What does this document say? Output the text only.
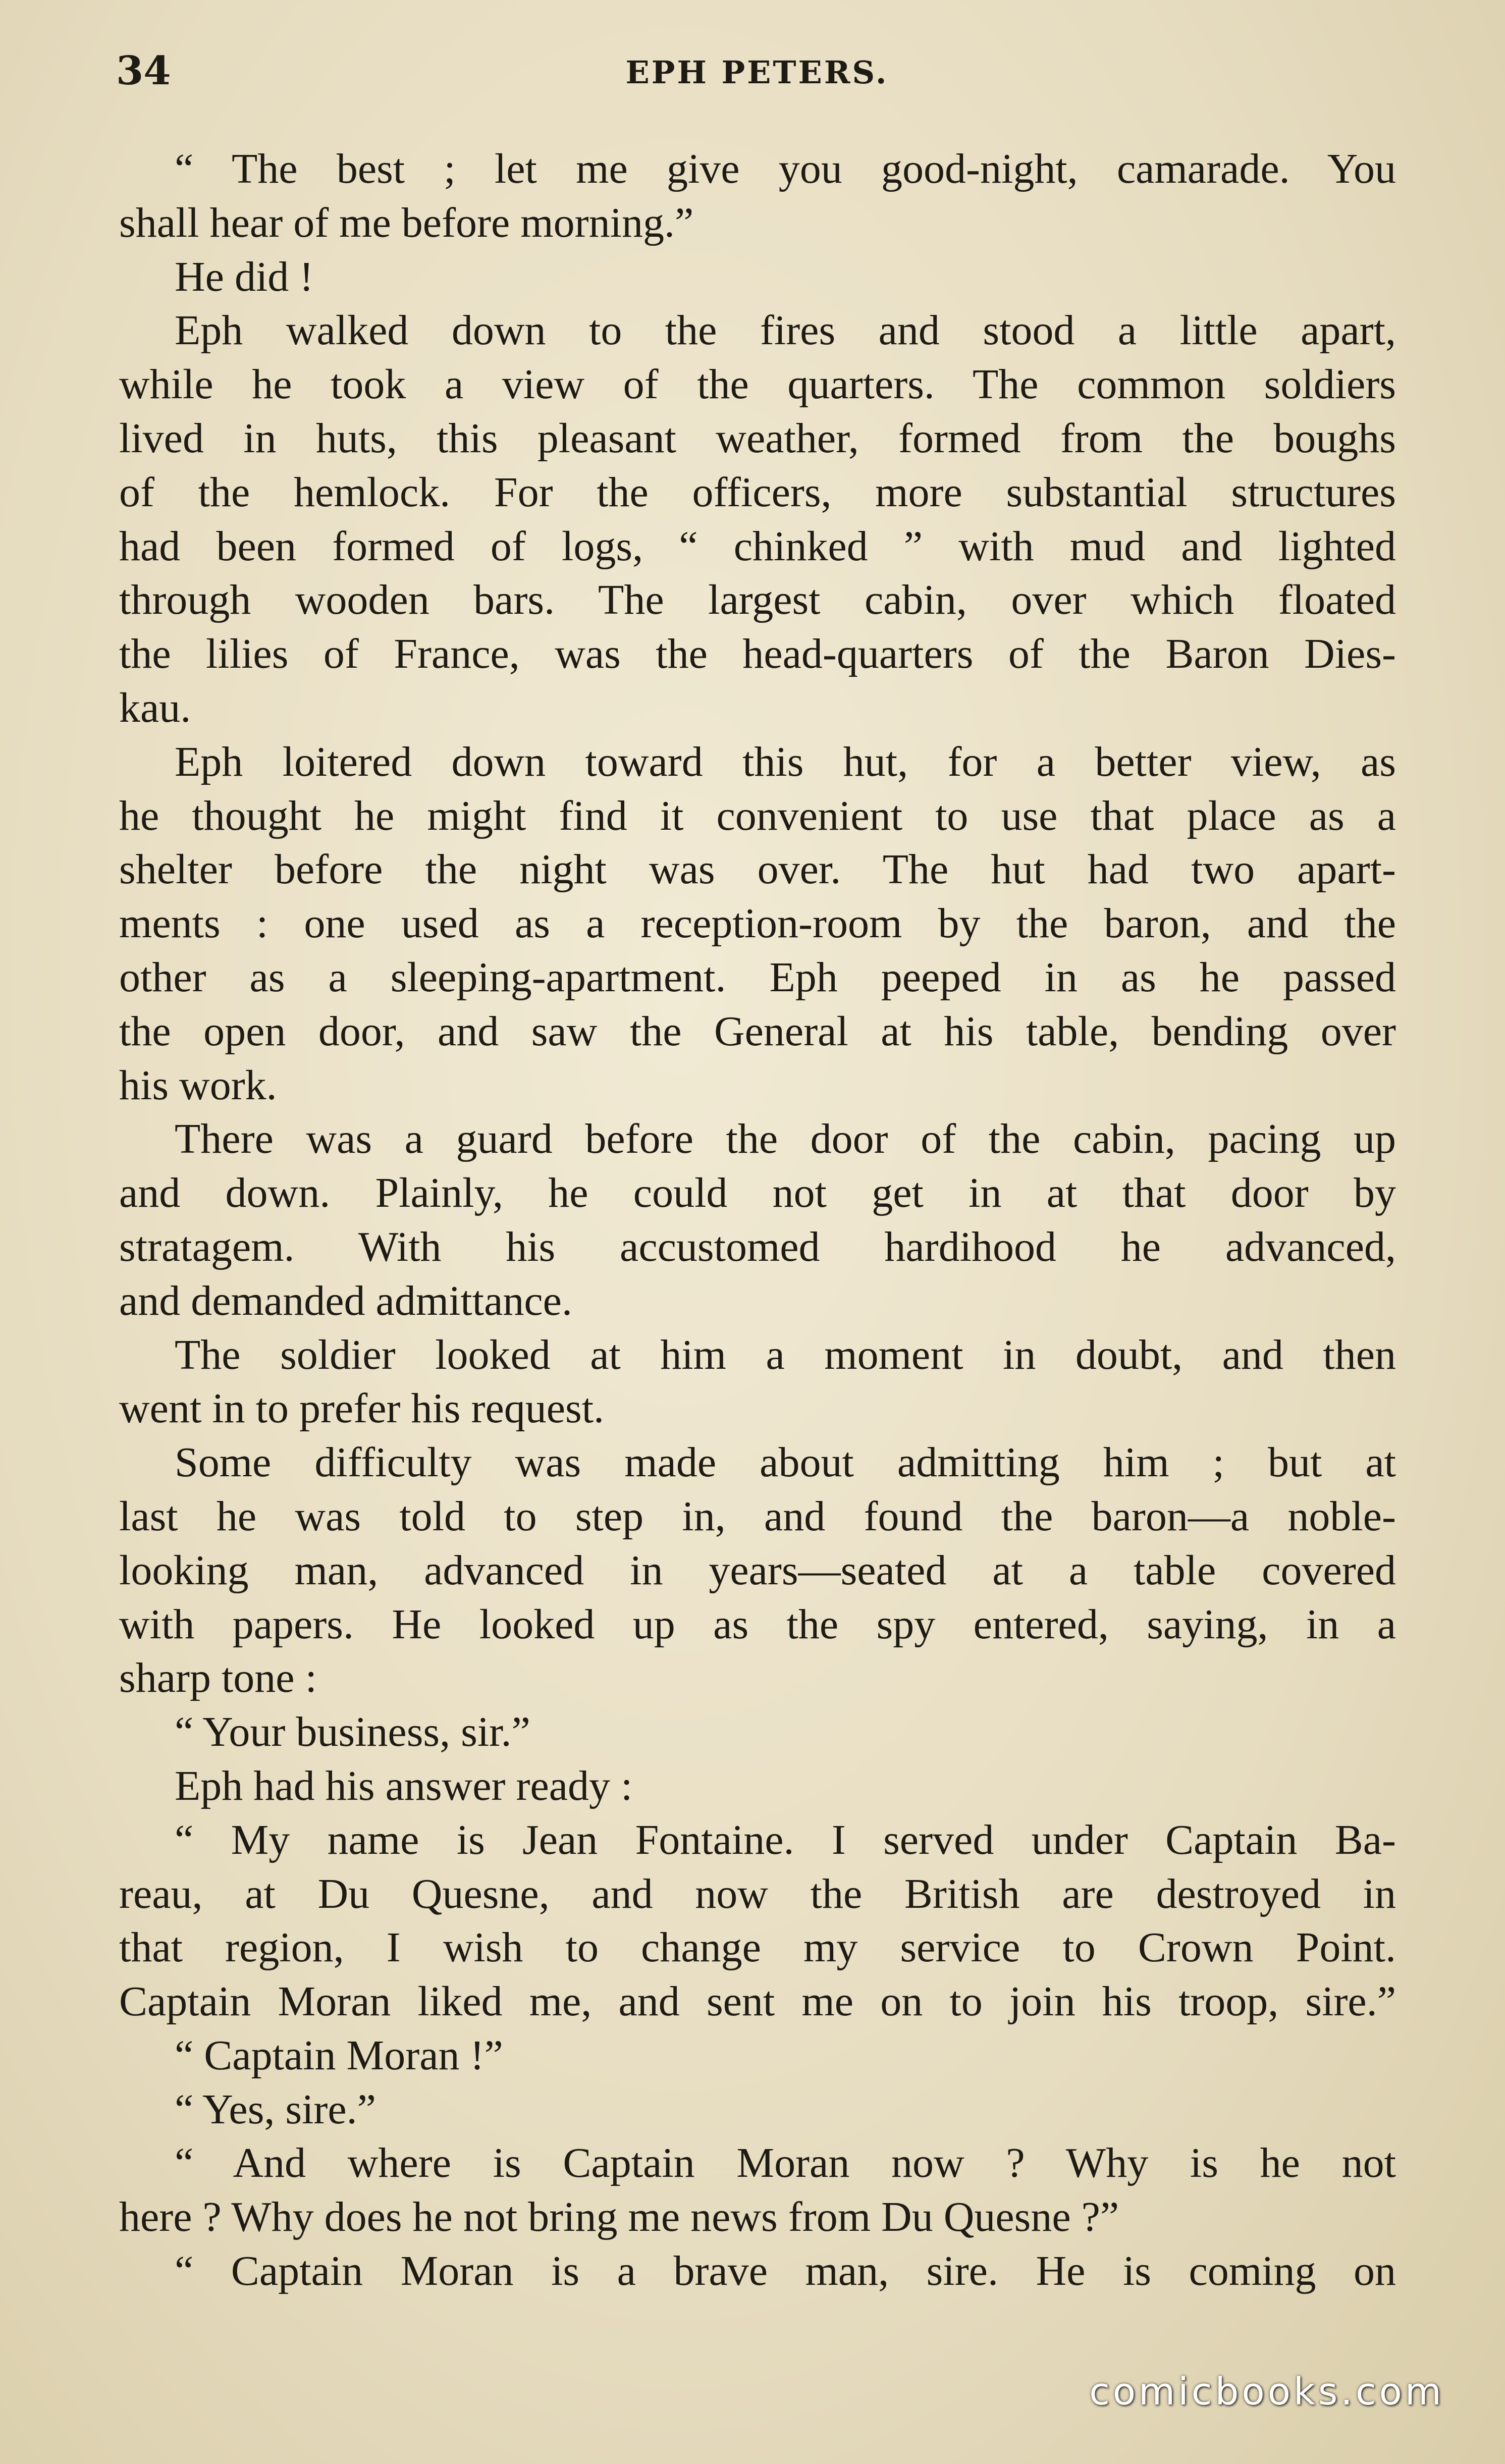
34	EPH PETERS.
“ The best ; let me give you good-night, camarade. You
shall hear of me before morning.”
He did !
Eph walked down to the fires and stood a little apart,
while he took a view of the quarters. The common soldiers
lived in huts, this pleasant weather, formed from the boughs
of the hemlock. For the officers, more substantial structures
had been formed of logs, “ chinked ” with mud and lighted
through wooden bars. The largest cabin, over which floated
the lilies of France, was the head-quarters of the Baron Dies-
kau.
Eph loitered down toward this hut, for a better view, as
he thought he might find it convenient to use that place as a
shelter before the night was over. The hut had two apart-
ments : one used as a reception-room by the baron, and the
other as a sleeping-apartment. Eph peeped in as he passed
the open door, and saw the General at his table, bending over
his work.
There was a guard before the door of the cabin, pacing up
and down. Plainly, he could not get in at that door by
stratagem. With his accustomed hardihood he advanced,
and demanded admittance.
The soldier looked at him a moment in doubt, and then
went in to prefer his request.
Some difficulty was made about admitting him ; but at
last he was told to step in, and found the baron—a noble-
looking man, advanced in years—seated at a table covered
with papers. He looked up as the spy entered, saying, in a
sharp tone :
“ Your business, sir.”
Eph had his answer ready :
“ My name is Jean Fontaine. I served under Captain Ba-
reau, at Du Quesne, and now the British are destroyed in
that region, I wish to change my service to Crown Point.
Captain Moran liked me, and sent me on to join his troop, sire.”
“ Captain Moran !”
“ Yes, sire.”
“ And where is Captain Moran now ? Why is he not
here ? Why does he not bring me news from Du Quesne ?”
“ Captain Moran is a brave man, sire. He is coming on
comicbooks.com
